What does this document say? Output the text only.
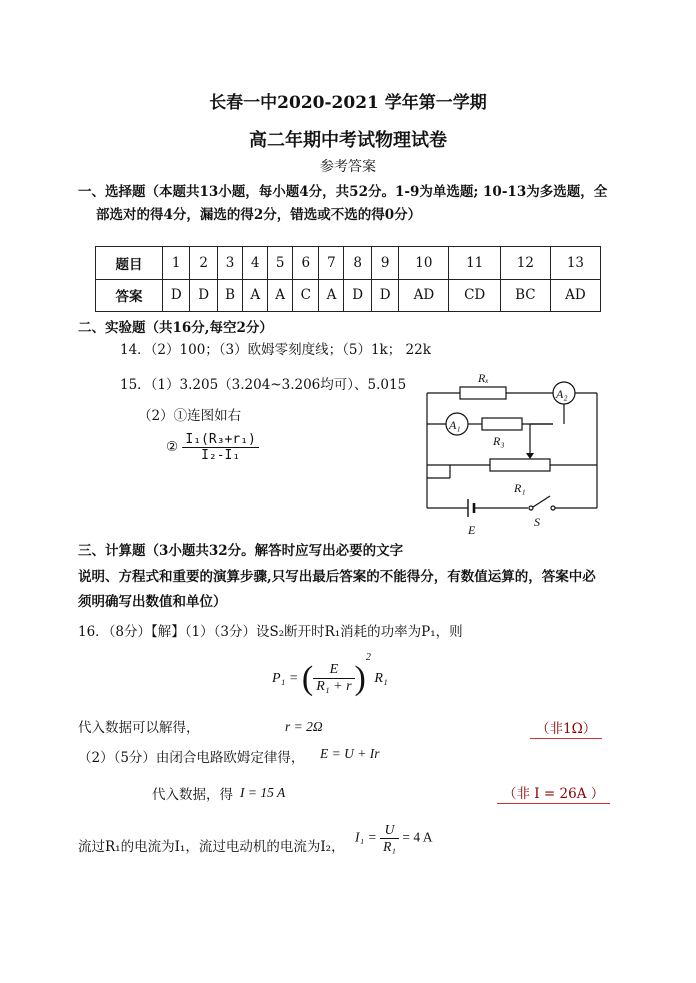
长春一中2020-2021 学年第一学期
高二年期中考试物理试卷
参考答案
一、选择题（本题共13小题，每小题4分，共52分。1-9为单选题; 10-13为多选题，全
部选对的得4分，漏选的得2分，错选或不选的得0分）
题目	1	2	3	4	5	6	7	8	9	10	11	12	13
答案	D	D	B	A	A	C	A	D	D	AD	CD	BC	AD
二、实验题（共16分,每空2分）
14．（2）100；（3）欧姆零刻度线；（5）1k； 22k
15．（1）3.205（3.204~3.206均可）、5.015
（2）①连图如右
② $\frac{\text{I₁(R₃+r₁)}}{\text{I₂-I₁}}$
Rₓ
A₂
A₁
R₃
R₁
S
E
三、计算题（3小题共32分。解答时应写出必要的文字
说明、方程式和重要的演算步骤,只写出最后答案的不能得分，有数值运算的，答案中必
须明确写出数值和单位）
16．（8分）【解】（1）（3分）设S₂断开时R₁消耗的功率为P₁，则
P₁ = ( $\frac{E}{\text{R₁ + r}} )^2$ R₁
代入数据可以解得，	r = 2Ω	（非1Ω）
（2）（5分）由闭合电路欧姆定律得， E = U + Ir
代入数据，得 I = 15 A	（非 I = 26A ）
流过R₁的电流为I₁，流过电动机的电流为I₂，
$I_1 = \frac{U}{\text{R₁}} = 4$ A
